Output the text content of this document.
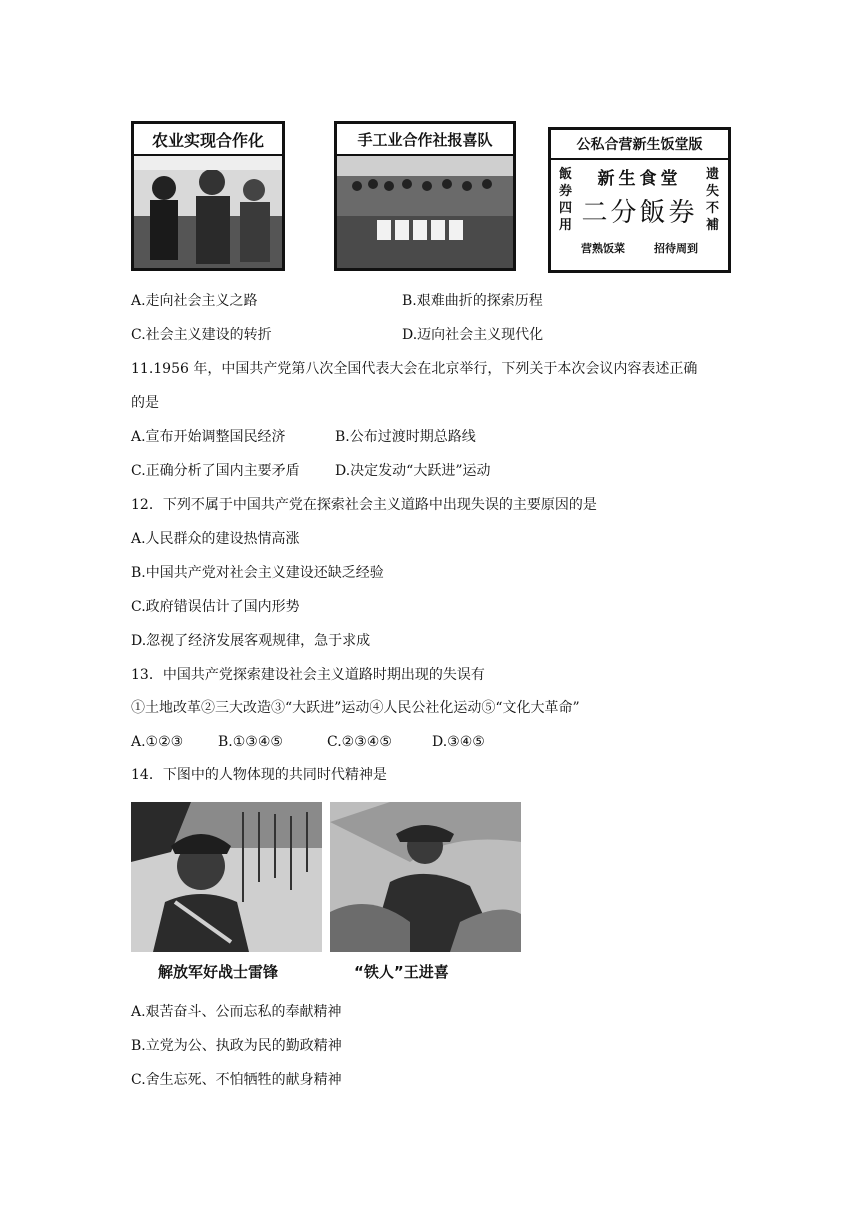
农业实现合作化	手工业合作社报喜队	公私合营新生饭堂版
飯券四用
遗失不補
新生食堂
二分飯券
营熟饭菜	招待周到
A.走向社会主义之路	B.艰难曲折的探索历程
C.社会主义建设的转折	D.迈向社会主义现代化
11.1956 年，中国共产党第八次全国代表大会在北京举行，下列关于本次会议内容表述正确
的是
A.宣布开始调整国民经济	B.公布过渡时期总路线
C.正确分析了国内主要矛盾	D.决定发动“大跃进”运动
12．下列不属于中国共产党在探索社会主义道路中出现失误的主要原因的是
A.人民群众的建设热情高涨
B.中国共产党对社会主义建设还缺乏经验
C.政府错误估计了国内形势
D.忽视了经济发展客观规律，急于求成
13．中国共产党探索建设社会主义道路时期出现的失误有
①土地改革②三大改造③“大跃进”运动④人民公社化运动⑤“文化大革命”
A.①②③ B.①③④⑤	C.②③④⑤	D.③④⑤
14．下图中的人物体现的共同时代精神是
解放军好战士雷锋	“铁人”王进喜
A.艰苦奋斗、公而忘私的奉献精神
B.立党为公、执政为民的勤政精神
C.舍生忘死、不怕牺牲的献身精神
